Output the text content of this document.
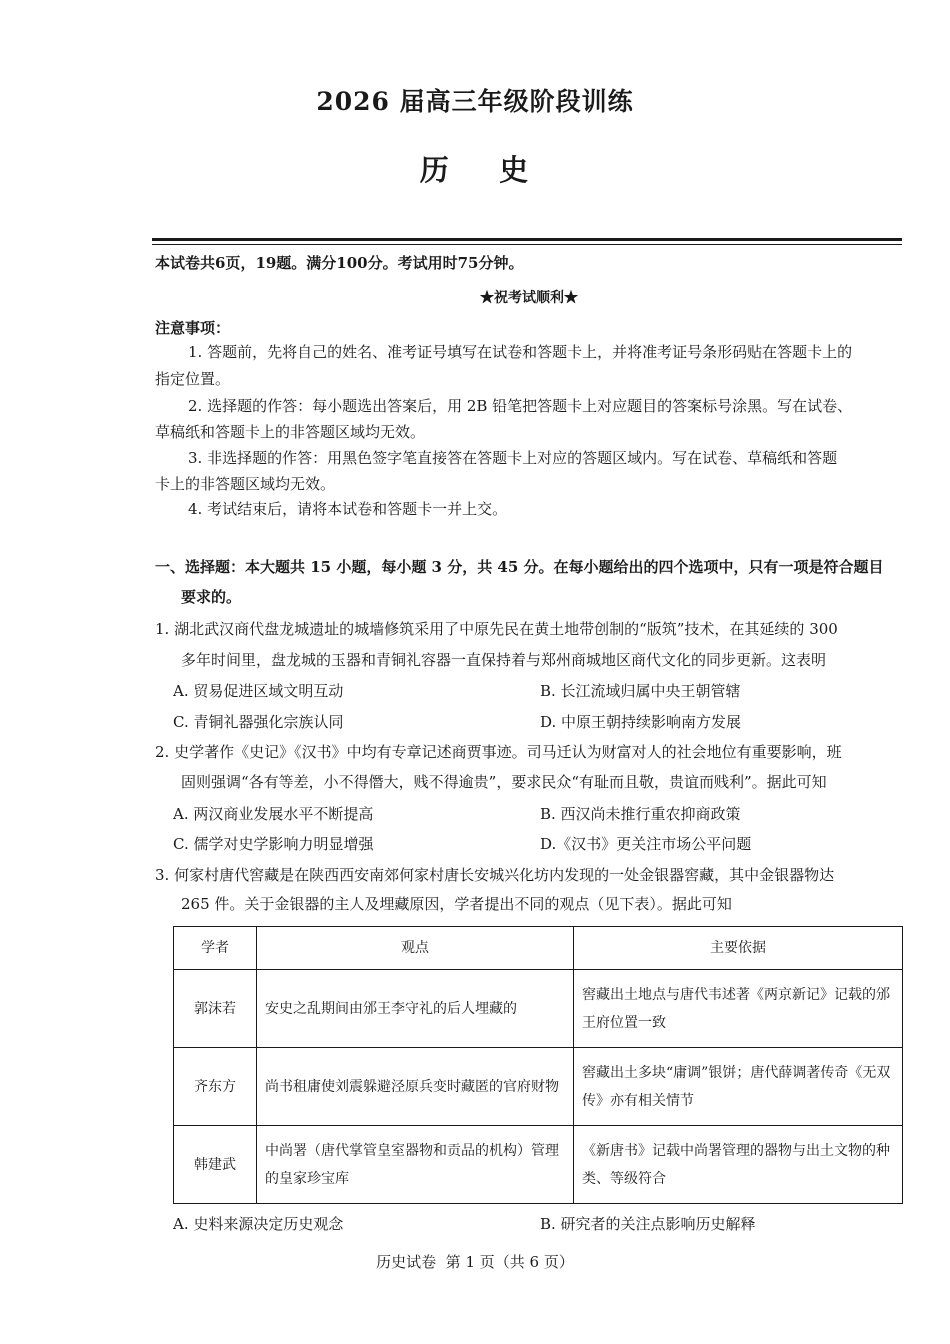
2026 届高三年级阶段训练
历    史
本试卷共6页，19题。满分100分。考试用时75分钟。
★祝考试顺利★
注意事项：
1. 答题前，先将自己的姓名、准考证号填写在试卷和答题卡上，并将准考证号条形码贴在答题卡上的
指定位置。
2. 选择题的作答：每小题选出答案后，用 2B 铅笔把答题卡上对应题目的答案标号涂黑。写在试卷、
草稿纸和答题卡上的非答题区域均无效。
3. 非选择题的作答：用黑色签字笔直接答在答题卡上对应的答题区域内。写在试卷、草稿纸和答题
卡上的非答题区域均无效。
4. 考试结束后，请将本试卷和答题卡一并上交。
一、选择题：本大题共 15 小题，每小题 3 分，共 45 分。在每小题给出的四个选项中，只有一项是符合题目
要求的。
1. 湖北武汉商代盘龙城遗址的城墙修筑采用了中原先民在黄土地带创制的“版筑”技术，在其延续的 300
多年时间里，盘龙城的玉器和青铜礼容器一直保持着与郑州商城地区商代文化的同步更新。这表明
A. 贸易促进区域文明互动	B. 长江流域归属中央王朝管辖
C. 青铜礼器强化宗族认同	D. 中原王朝持续影响南方发展
2. 史学著作《史记》《汉书》中均有专章记述商贾事迹。司马迁认为财富对人的社会地位有重要影响，班
固则强调“各有等差，小不得僭大，贱不得逾贵”，要求民众“有耻而且敬，贵谊而贱利”。据此可知
A. 两汉商业发展水平不断提高	B. 西汉尚未推行重农抑商政策
C. 儒学对史学影响力明显增强	D.《汉书》更关注市场公平问题
3. 何家村唐代窖藏是在陕西西安南郊何家村唐长安城兴化坊内发现的一处金银器窖藏，其中金银器物达
265 件。关于金银器的主人及埋藏原因，学者提出不同的观点（见下表）。据此可知
学者	观点	主要依据
郭沫若	安史之乱期间由邠王李守礼的后人埋藏的	窖藏出土地点与唐代韦述著《两京新记》记载的邠王府位置一致
齐东方	尚书租庸使刘震躲避泾原兵变时藏匿的官府财物	窖藏出土多块“庸调”银饼；唐代薛调著传奇《无双传》亦有相关情节
韩建武	中尚署（唐代掌管皇室器物和贡品的机构）管理的皇家珍宝库	《新唐书》记载中尚署管理的器物与出土文物的种类、等级符合
A. 史料来源决定历史观念	B. 研究者的关注点影响历史解释
历史试卷  第 1 页（共 6 页）
